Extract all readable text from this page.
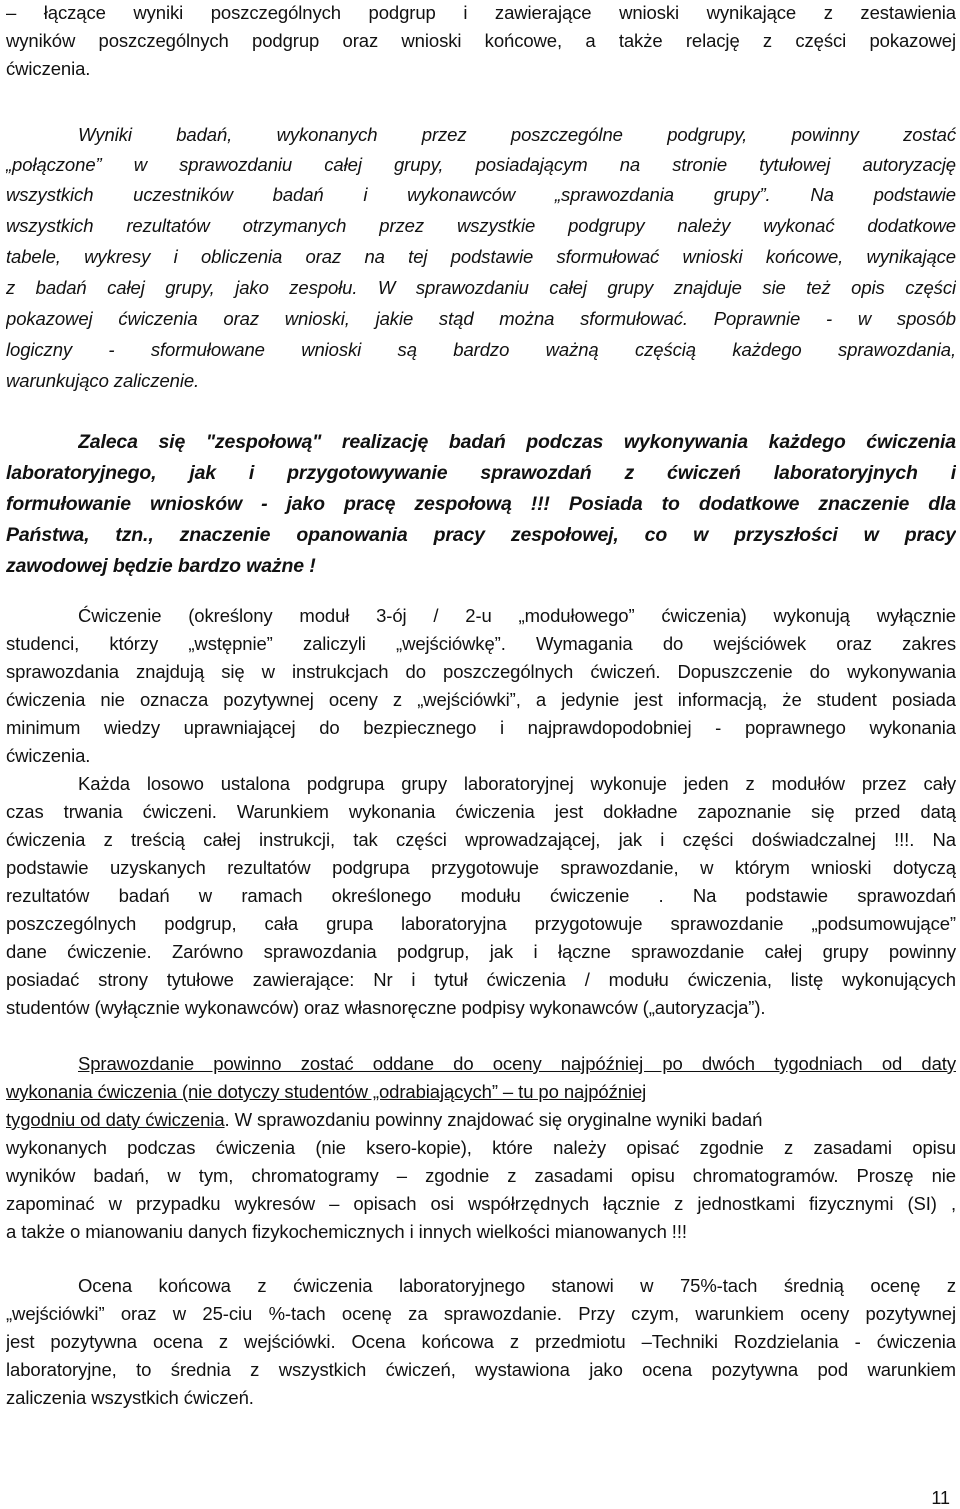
– łączące wyniki poszczególnych podgrup i zawierające wnioski wynikające z zestawienia
wyników poszczególnych podgrup oraz wnioski końcowe, a także relację z części pokazowej
ćwiczenia.
Wyniki badań, wykonanych przez poszczególne podgrupy, powinny zostać
„połączone” w sprawozdaniu całej grupy, posiadającym na stronie tytułowej autoryzację
wszystkich uczestników badań i wykonawców „sprawozdania grupy”. Na podstawie
wszystkich rezultatów otrzymanych przez wszystkie podgrupy należy wykonać dodatkowe
tabele, wykresy i obliczenia oraz na tej podstawie sformułować wnioski końcowe, wynikające
z badań całej grupy, jako zespołu. W sprawozdaniu całej grupy znajduje sie też opis części
pokazowej ćwiczenia oraz wnioski, jakie stąd można sformułować. Poprawnie - w sposób
logiczny - sformułowane wnioski są bardzo ważną częścią każdego sprawozdania,
warunkująco zaliczenie.
Zaleca się "zespołową" realizację badań podczas wykonywania każdego ćwiczenia
laboratoryjnego, jak i przygotowywanie sprawozdań z ćwiczeń laboratoryjnych i
formułowanie wniosków - jako pracę zespołową !!! Posiada to dodatkowe znaczenie dla
Państwa, tzn., znaczenie opanowania pracy zespołowej, co w przyszłości w pracy
zawodowej będzie bardzo ważne !
Ćwiczenie (określony moduł 3-ój / 2-u „modułowego” ćwiczenia) wykonują wyłącznie
studenci, którzy „wstępnie” zaliczyli „wejściówkę”. Wymagania do wejściówek oraz zakres
sprawozdania znajdują się w instrukcjach do poszczególnych ćwiczeń. Dopuszczenie do wykonywania
ćwiczenia nie oznacza pozytywnej oceny z „wejściówki”, a jedynie jest informacją, że student posiada
minimum wiedzy uprawniającej do bezpiecznego i najprawdopodobniej - poprawnego wykonania
ćwiczenia.
Każda losowo ustalona podgrupa grupy laboratoryjnej wykonuje jeden z modułów przez cały
czas trwania ćwiczeni. Warunkiem wykonania ćwiczenia jest dokładne zapoznanie się przed datą
ćwiczenia z treścią całej instrukcji, tak części wprowadzającej, jak i części doświadczalnej !!!. Na
podstawie uzyskanych rezultatów podgrupa przygotowuje sprawozdanie, w którym wnioski dotyczą
rezultatów badań w ramach określonego modułu ćwiczenie . Na podstawie sprawozdań
poszczególnych podgrup, cała grupa laboratoryjna przygotowuje sprawozdanie „podsumowujące”
dane ćwiczenie. Zarówno sprawozdania podgrup, jak i łączne sprawozdanie całej grupy powinny
posiadać strony tytułowe zawierające: Nr i tytuł ćwiczenia / modułu ćwiczenia, listę wykonujących
studentów (wyłącznie wykonawców) oraz własnoręczne podpisy wykonawców („autoryzacja”).
Sprawozdanie powinno zostać oddane do oceny najpóźniej po dwóch tygodniach od daty
wykonania ćwiczenia (nie dotyczy studentów „odrabiających” – tu po najpóźniej
tygodniu od daty ćwiczenia. W sprawozdaniu powinny znajdować się oryginalne wyniki badań
wykonanych podczas ćwiczenia (nie ksero-kopie), które należy opisać zgodnie z zasadami opisu
wyników badań, w tym, chromatogramy – zgodnie z zasadami opisu chromatogramów. Proszę nie
zapominać w przypadku wykresów – opisach osi współrzędnych łącznie z jednostkami fizycznymi (SI) ,
a także o mianowaniu danych fizykochemicznych i innych wielkości mianowanych !!!
Ocena końcowa z ćwiczenia laboratoryjnego stanowi w 75%-tach średnią ocenę z
„wejściówki” oraz w 25-ciu %-tach ocenę za sprawozdanie. Przy czym, warunkiem oceny pozytywnej
jest pozytywna ocena z wejściówki. Ocena końcowa z przedmiotu –Techniki Rozdzielania - ćwiczenia
laboratoryjne, to średnia z wszystkich ćwiczeń, wystawiona jako ocena pozytywna pod warunkiem
zaliczenia wszystkich ćwiczeń.
11
